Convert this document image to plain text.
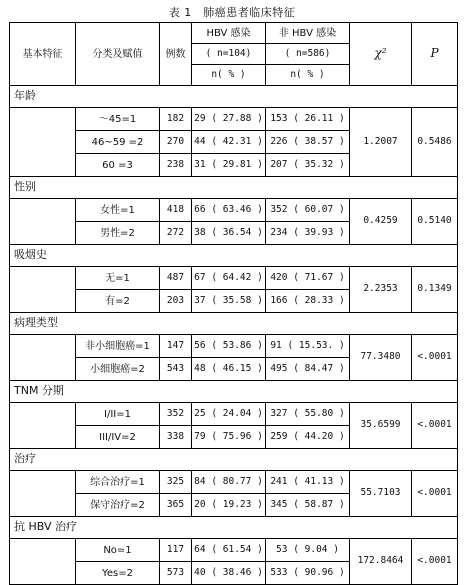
表 1　肺癌患者临床特征
基本特征	分类及赋值	例数	HBV 感染	非 HBV 感染	χ²	P
			( n=104)	( n=586)		
			n( % )	n( % )		
年龄						
	～45=1	182	29 ( 27.88 )	153 ( 26.11 )	1.2007	0.5486
	46~59 =2	270	44 ( 42.31 )	226 ( 38.57 )		
	60 =3	238	31 ( 29.81 )	207 ( 35.32 )		
性别						
	女性=1	418	66 ( 63.46 )	352 ( 60.07 )	0.4259	0.5140
	男性=2	272	38 ( 36.54 )	234 ( 39.93 )		
吸烟史						
	无=1	487	67 ( 64.42 )	420 ( 71.67 )	2.2353	0.1349
	有=2	203	37 ( 35.58 )	166 ( 28.33 )		
病理类型						
	非小细胞癌=1	147	56 ( 53.86 )	91 ( 15.53. )	77.3480	<.0001
	小细胞癌=2	543	48 ( 46.15 )	495 ( 84.47 )		
TNM 分期						
	I/II=1	352	25 ( 24.04 )	327 ( 55.80 )	35.6599	<.0001
	III/IV=2	338	79 ( 75.96 )	259 ( 44.20 )		
治疗						
	综合治疗=1	325	84 ( 80.77 )	241 ( 41.13 )	55.7103	<.0001
	保守治疗=2	365	20 ( 19.23 )	345 ( 58.87 )		
抗 HBV 治疗						
	No=1	117	64 ( 61.54 )	53 ( 9.04 )	172.8464	<.0001
	Yes=2	573	40 ( 38.46 )	533 ( 90.96 )		
